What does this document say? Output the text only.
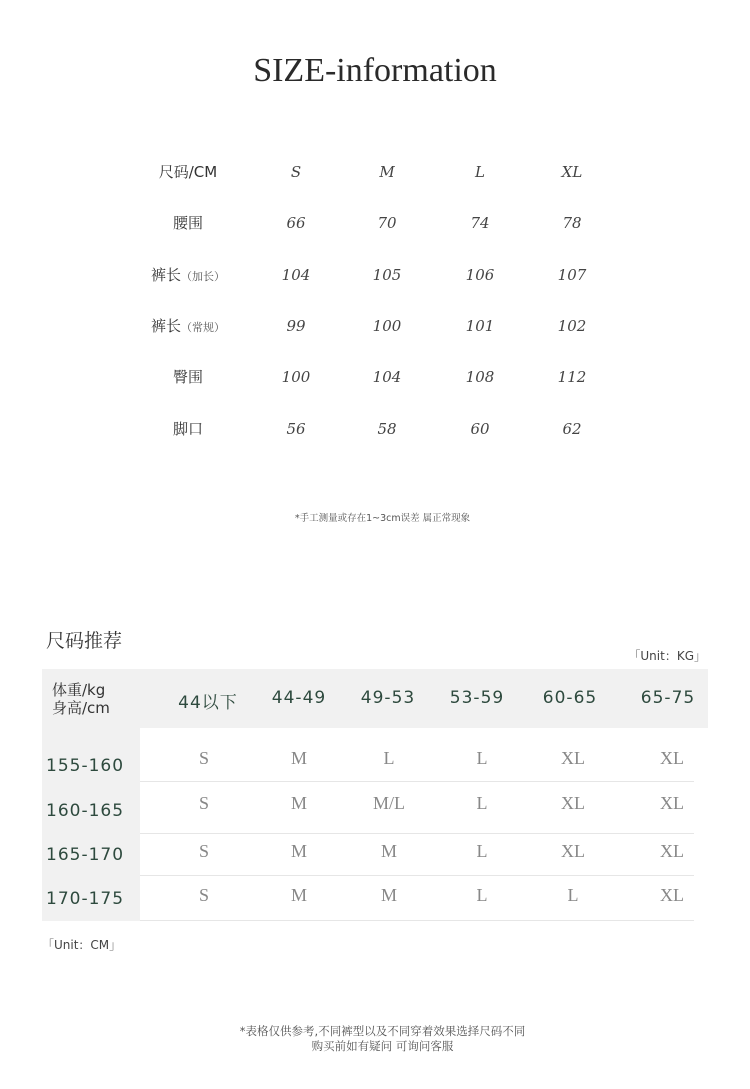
SIZE-information
尺码/CM	S	M	L	XL
腰围	66	70	74	78
裤长（加长）	104	105	106	107
裤长（常规）	99	100	101	102
臀围	100	104	108	112
脚口	56	58	60	62
*手工测量或存在1~3cm误差 属正常现象
尺码推荐
「Unit：KG」
体重/kg
身高/cm	44以下	44-49	49-53	53-59	60-65	65-75
155-160	S	M	L	L	XL	XL
160-165	S	M	M/L	L	XL	XL
165-170	S	M	M	L	XL	XL
170-175	S	M	M	L	L	XL
「Unit：CM」
*表格仅供参考,不同裤型以及不同穿着效果选择尺码不同
购买前如有疑问 可询问客服
